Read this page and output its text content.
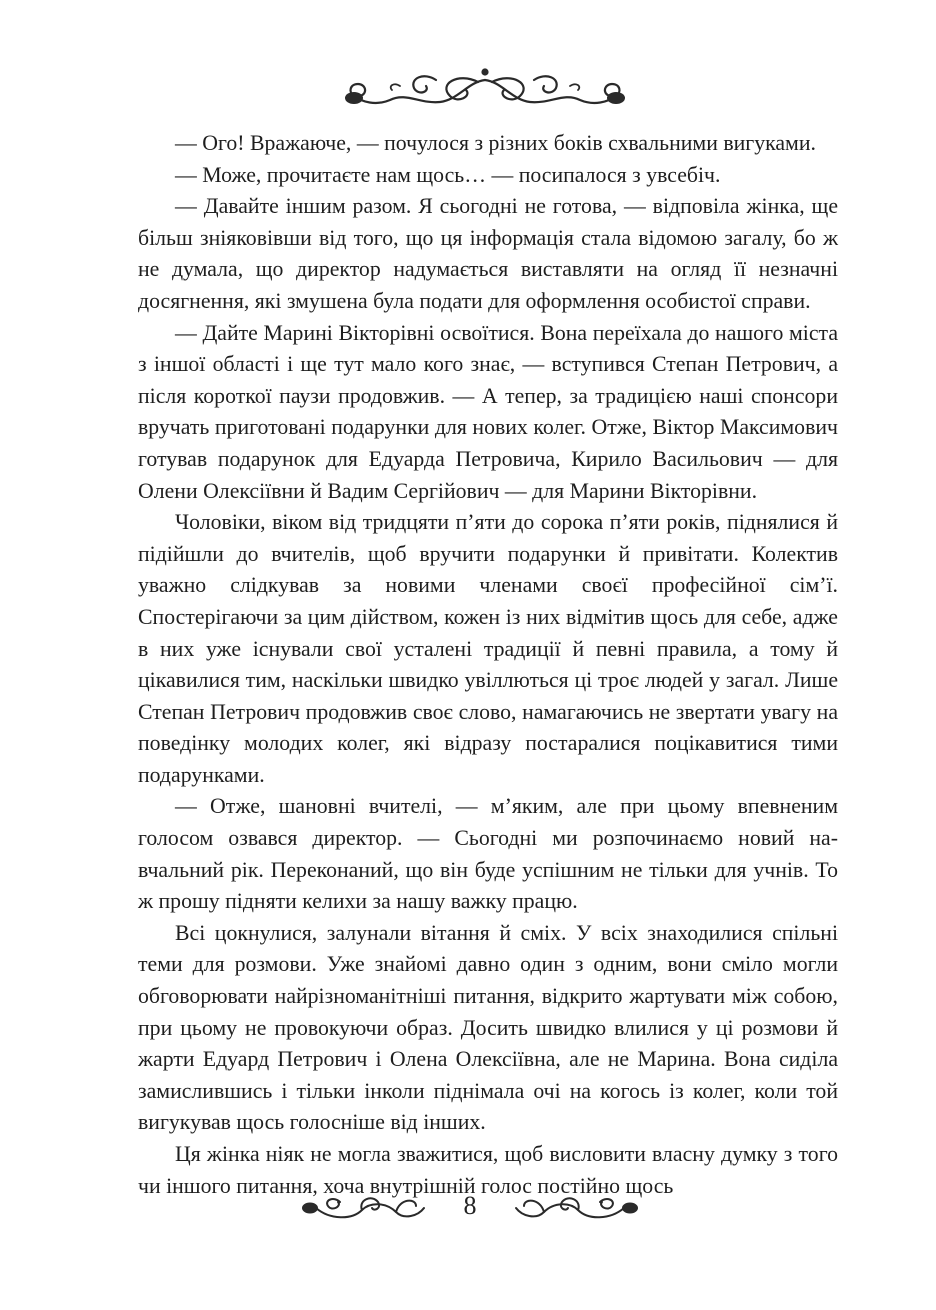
— Ого! Вражаюче, — почулося з різних боків схвальними вигуками.

— Може, прочитаєте нам щось… — посипалося з увсебіч.

— Давайте іншим разом. Я сьогодні не готова, — відповіла жінка, ще більш зніяковівши від того, що ця інформація стала відомою загалу, бо ж не думала, що директор надумається виставляти на огляд її незначні досягнення, які змушена була подати для оформлення особистої справи.

— Дайте Марині Вікторівні освоїтися. Вона переїхала до нашого міста з іншої області і ще тут мало кого знає, — вступився Степан Петрович, а після короткої паузи продовжив. — А тепер, за традицією наші спонсори вручать приготовані подарунки для нових колег. Отже, Віктор Максимович готував подарунок для Едуарда Петровича, Кирило Васильович — для Олени Олексіївни й Вадим Сергійович — для Марини Вікторівни.

Чоловіки, віком від тридцяти п’яти до сорока п’яти років, піднялися й підійшли до вчителів, щоб вручити подарунки й привітати. Колектив уважно слідкував за новими членами своєї професійної сім’ї. Спостерігаючи за цим дійством, кожен із них відмітив щось для себе, адже в них уже існували свої усталені традиції й певні правила, а тому й цікавилися тим, наскільки швидко увіллються ці троє людей у загал. Лише Степан Петрович продовжив своє слово, намагаючись не звертати увагу на поведінку молодих колег, які відразу постаралися поцікавитися тими подарунками.

— Отже, шановні вчителі, — м’яким, але при цьому впевненим голосом озвався директор. — Сьогодні ми розпочинаємо новий навчальний рік. Переконаний, що він буде успішним не тільки для учнів. То ж прошу підняти келихи за нашу важку працю.

Всі цокнулися, залунали вітання й сміх. У всіх знаходилися спільні теми для розмови. Уже знайомі давно один з одним, вони сміло могли обговорювати найрізноманітніші питання, відкрито жартувати між собою, при цьому не провокуючи образ. Досить швидко влилися у ці розмови й жарти Едуард Петрович і Олена Олексіївна, але не Марина. Вона сиділа замислившись і тільки інколи піднімала очі на когось із колег, коли той вигукував щось голосніше від інших.

Ця жінка ніяк не могла зважитися, щоб висловити власну думку з того чи іншого питання, хоча внутрішній голос постійно щось

8
